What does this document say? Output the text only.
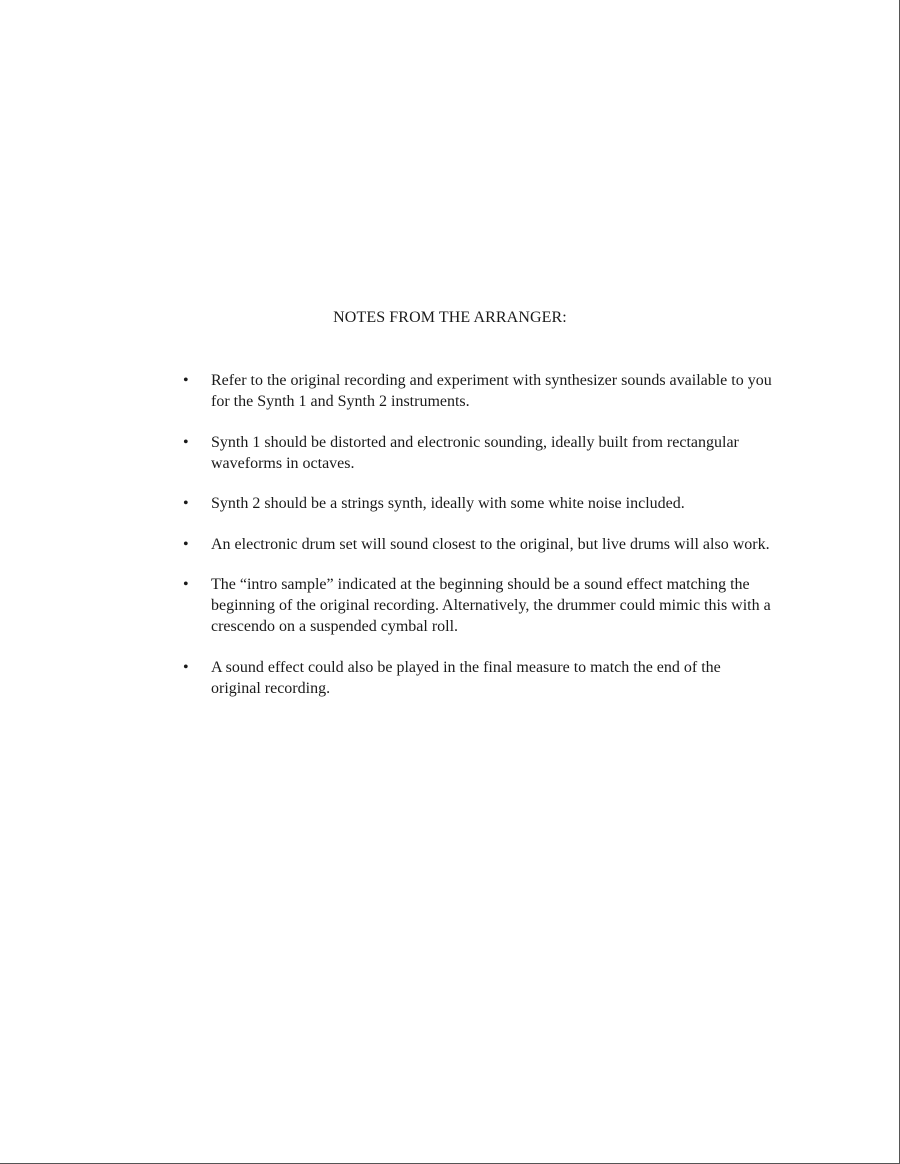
NOTES FROM THE ARRANGER:
•	Refer to the original recording and experiment with synthesizer sounds available to you for the Synth 1 and Synth 2 instruments.
•	Synth 1 should be distorted and electronic sounding, ideally built from rectangular waveforms in octaves.
•	Synth 2 should be a strings synth, ideally with some white noise included.
•	An electronic drum set will sound closest to the original, but live drums will also work.
•	The “intro sample” indicated at the beginning should be a sound effect matching the beginning of the original recording. Alternatively, the drummer could mimic this with a crescendo on a suspended cymbal roll.
•	A sound effect could also be played in the final measure to match the end of the original recording.
